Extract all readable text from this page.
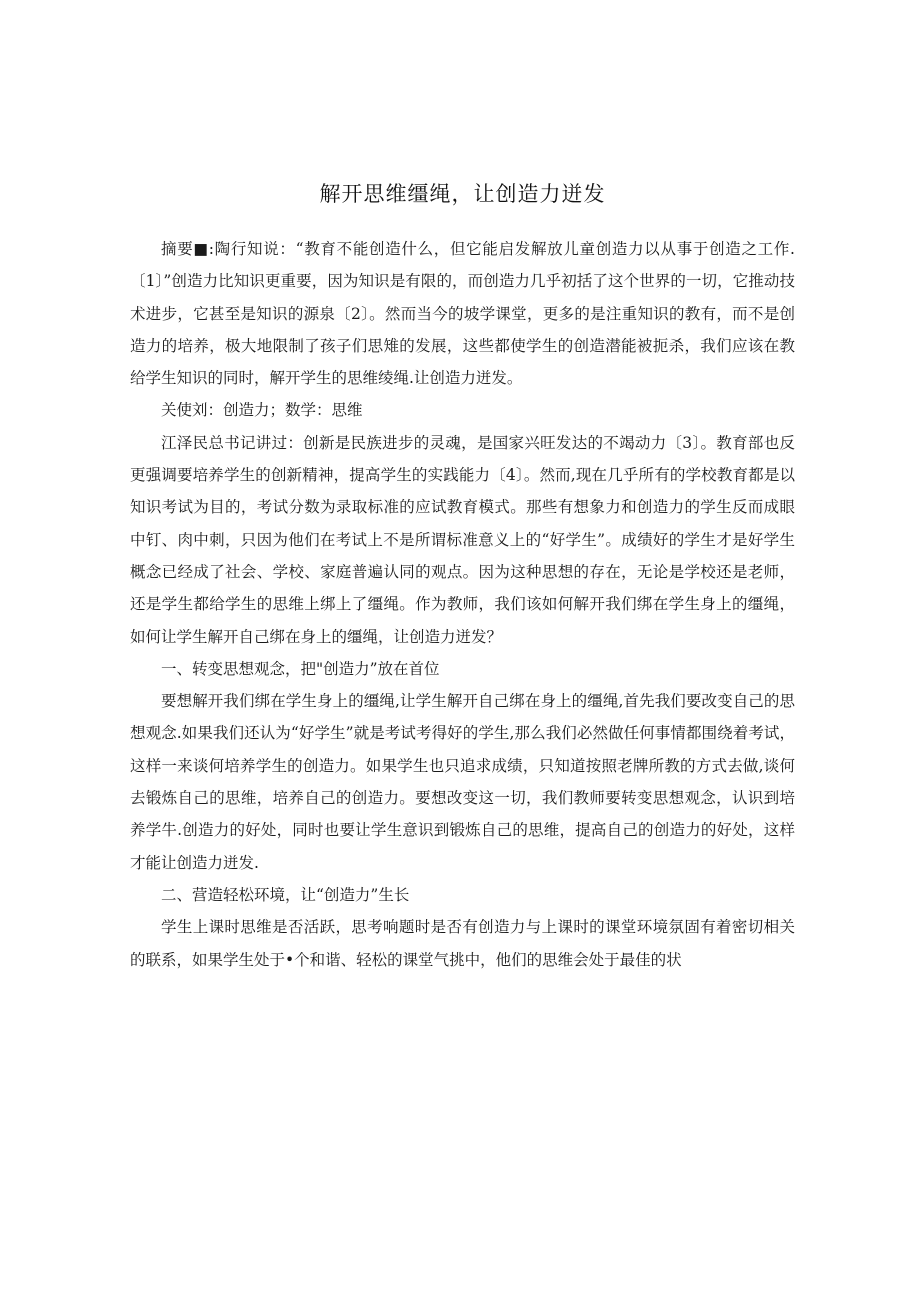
解开思维缰绳，让创造力迸发

摘要■:陶行知说：“教育不能创造什么，但它能启发解放儿童创造力以从事于创造之工作.〔1〕”创造力比知识更重要，因为知识是有限的，而创造力几乎初括了这个世界的一切，它推动技术进步，它甚至是知识的源泉〔2〕。然而当今的坡学课堂，更多的是注重知识的教有，而不是创造力的培养，极大地限制了孩子们思雉的发展，这些都使学生的创造潜能被扼杀，我们应该在教给学生知识的同时，解开学生的思维绫绳.让创造力迸发。

关使刘：创造力；数学：思维

江泽民总书记讲过：创新是民族进步的灵魂，是国家兴旺发达的不竭动力〔3〕。教育部也反更强调要培养学生的创新精神，提高学生的实践能力〔4〕。然而,现在几乎所有的学校教育都是以知识考试为目的，考试分数为录取标准的应试教育模式。那些有想象力和创造力的学生反而成眼中钉、肉中刺，只因为他们在考试上不是所谓标准意义上的“好学生”。成绩好的学生才是好学生概念已经成了社会、学校、家庭普遍认同的观点。因为这种思想的存在，无论是学校还是老师，还是学生都给学生的思维上绑上了缰绳。作为教师，我们该如何解开我们绑在学生身上的缰绳，如何让学生解开自己绑在身上的缰绳，让创造力迸发？

一、转变思想观念，把"创造力”放在首位

要想解开我们绑在学生身上的缰绳,让学生解开自己绑在身上的缰绳,首先我们要改变自己的思想观念.如果我们还认为“好学生”就是考试考得好的学生,那么我们必然做任何事情都围绕着考试，这样一来谈何培养学生的创造力。如果学生也只追求成绩，只知道按照老牌所教的方式去做,谈何去锻炼自己的思维，培养自己的创造力。要想改变这一切，我们教师要转变思想观念，认识到培养学牛.创造力的好处，同时也要让学生意识到锻炼自己的思维，提高自己的创造力的好处，这样才能让创造力迸发.

二、营造轻松环境，让“创造力”生长

学生上课时思维是否活跃，思考响题时是否有创造力与上课时的课堂环境氛固有着密切相关的联系，如果学生处于•个和谐、轻松的课堂气挑中，他们的思维会处于最佳的状
